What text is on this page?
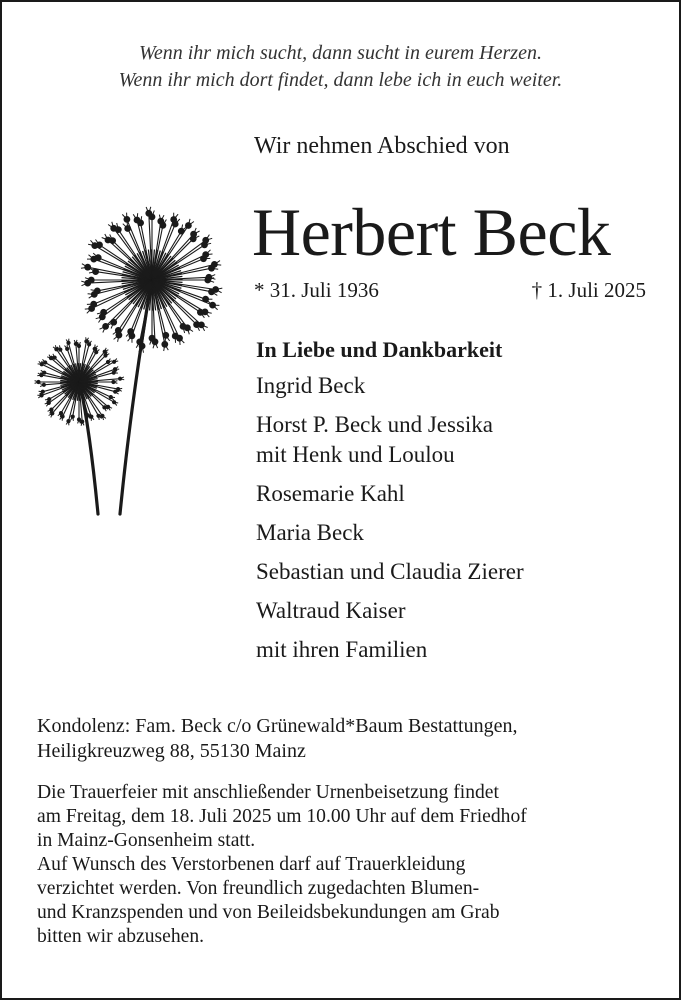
Wenn ihr mich sucht, dann sucht in eurem Herzen.
Wenn ihr mich dort findet, dann lebe ich in euch weiter.
Wir nehmen Abschied von
Herbert Beck
* 31. Juli 1936	† 1. Juli 2025
In Liebe und Dankbarkeit
Ingrid Beck
Horst P. Beck und Jessika
mit Henk und Loulou
Rosemarie Kahl
Maria Beck
Sebastian und Claudia Zierer
Waltraud Kaiser
mit ihren Familien
Kondolenz: Fam. Beck c/o Grünewald*Baum Bestattungen,
Heiligkreuzweg 88, 55130 Mainz
Die Trauerfeier mit anschließender Urnenbeisetzung findet
am Freitag, dem 18. Juli 2025 um 10.00 Uhr auf dem Friedhof
in Mainz-Gonsenheim statt.
Auf Wunsch des Verstorbenen darf auf Trauerkleidung
verzichtet werden. Von freundlich zugedachten Blumen-
und Kranzspenden und von Beileidsbekundungen am Grab
bitten wir abzusehen.
